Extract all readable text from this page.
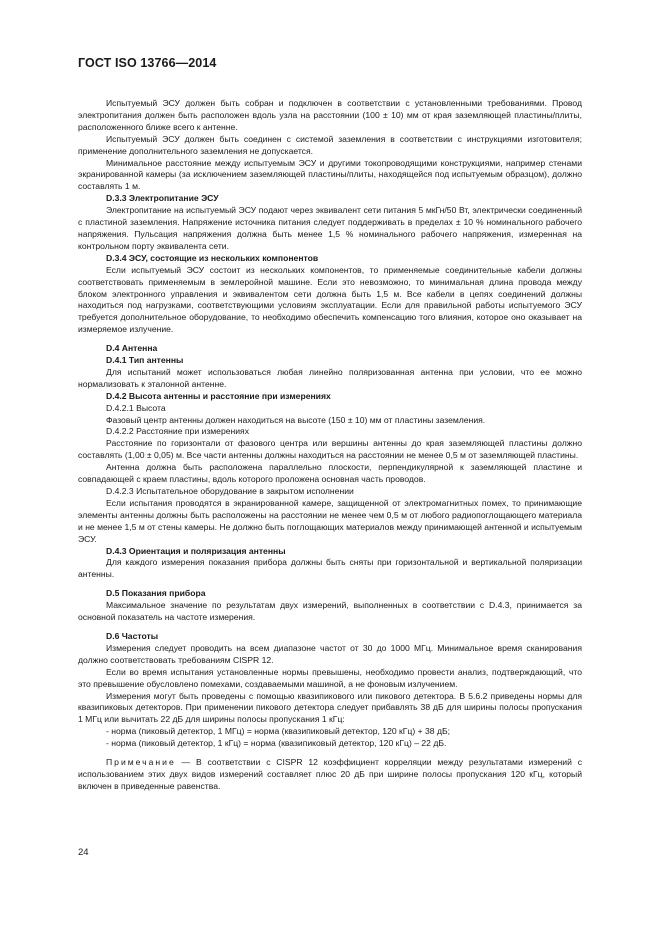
ГОСТ ISO 13766—2014

Испытуемый ЭСУ должен быть собран и подключен в соответствии с установленными требованиями. Провод электропитания должен быть расположен вдоль узла на расстоянии (100 ± 10) мм от края заземляющей пластины/плиты, расположенного ближе всего к антенне.

Испытуемый ЭСУ должен быть соединен с системой заземления в соответствии с инструкциями изготовителя; применение дополнительного заземления не допускается.

Минимальное расстояние между испытуемым ЭСУ и другими токопроводящими конструкциями, например стенами экранированной камеры (за исключением заземляющей пластины/плиты, находящейся под испытуемым образцом), должно составлять 1 м.

D.3.3 Электропитание ЭСУ

Электропитание на испытуемый ЭСУ подают через эквивалент сети питания 5 мкГн/50 Вт, электрически соединенный с пластиной заземления. Напряжение источника питания следует поддерживать в пределах ± 10 % номинального рабочего напряжения. Пульсация напряжения должна быть менее 1,5 % номинального рабочего напряжения, измеренная на контрольном порту эквивалента сети.

D.3.4 ЭСУ, состоящие из нескольких компонентов

Если испытуемый ЭСУ состоит из нескольких компонентов, то применяемые соединительные кабели должны соответствовать применяемым в землеройной машине. Если это невозможно, то минимальная длина провода между блоком электронного управления и эквивалентом сети должна быть 1,5 м. Все кабели в цепях соединений должны находиться под нагрузками, соответствующими условиям эксплуатации. Если для правильной работы испытуемого ЭСУ требуется дополнительное оборудование, то необходимо обеспечить компенсацию того влияния, которое оно оказывает на измеряемое излучение.

D.4 Антенна
D.4.1 Тип антенны

Для испытаний может использоваться любая линейно поляризованная антенна при условии, что ее можно нормализовать к эталонной антенне.

D.4.2 Высота антенны и расстояние при измерениях
D.4.2.1 Высота

Фазовый центр антенны должен находиться на высоте (150 ± 10) мм от пластины заземления.

D.4.2.2 Расстояние при измерениях

Расстояние по горизонтали от фазового центра или вершины антенны до края заземляющей пластины должно составлять (1,00 ± 0,05) м. Все части антенны должны находиться на расстоянии не менее 0,5 м от заземляющей пластины.

Антенна должна быть расположена параллельно плоскости, перпендикулярной к заземляющей пластине и совпадающей с краем пластины, вдоль которого проложена основная часть проводов.

D.4.2.3 Испытательное оборудование в закрытом исполнении

Если испытания проводятся в экранированной камере, защищенной от электромагнитных помех, то принимающие элементы антенны должны быть расположены на расстоянии не менее чем 0,5 м от любого радиопоглощающего материала и не менее 1,5 м от стены камеры. Не должно быть поглощающих материалов между принимающей антенной и испытуемым ЭСУ.

D.4.3 Ориентация и поляризация антенны

Для каждого измерения показания прибора должны быть сняты при горизонтальной и вертикальной поляризации антенны.

D.5 Показания прибора

Максимальное значение по результатам двух измерений, выполненных в соответствии с D.4.3, принимается за основной показатель на частоте измерения.

D.6 Частоты

Измерения следует проводить на всем диапазоне частот от 30 до 1000 МГц. Минимальное время сканирования должно соответствовать требованиям CISPR 12.

Если во время испытания установленные нормы превышены, необходимо провести анализ, подтверждающий, что это превышение обусловлено помехами, создаваемыми машиной, а не фоновым излучением.

Измерения могут быть проведены с помощью квазипикового или пикового детектора. В 5.6.2 приведены нормы для квазипиковых детекторов. При применении пикового детектора следует прибавлять 38 дБ для ширины полосы пропускания 1 МГц или вычитать 22 дБ для ширины полосы пропускания 1 кГц:

- норма (пиковый детектор, 1 МГц) = норма (квазипиковый детектор, 120 кГц) + 38 дБ;
- норма (пиковый детектор, 1 кГц) = норма (квазипиковый детектор, 120 кГц) – 22 дБ.

Примечание — В соответствии с CISPR 12 коэффициент корреляции между результатами измерений с использованием этих двух видов измерений составляет плюс 20 дБ при ширине полосы пропускания 120 кГц, который включен в приведенные равенства.

24
